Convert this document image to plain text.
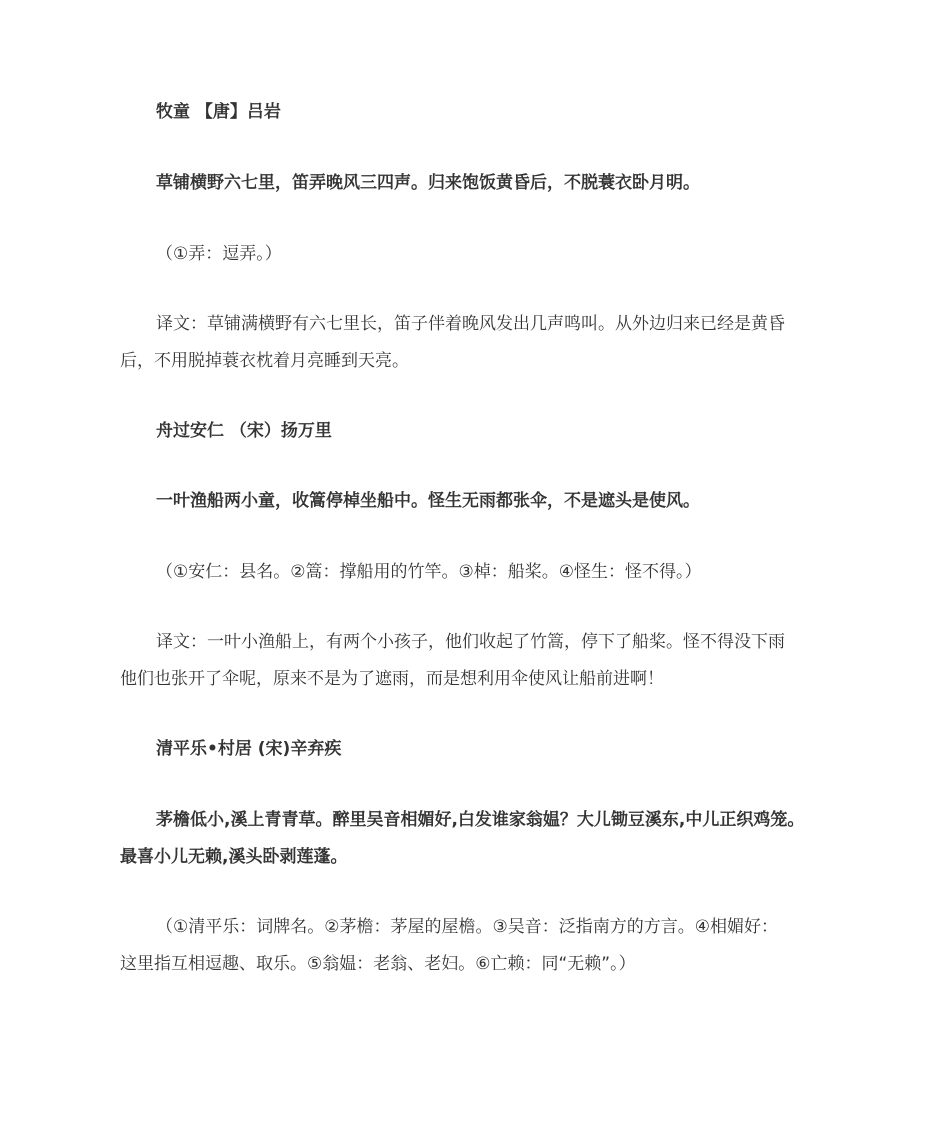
牧童 【唐】吕岩
草铺横野六七里，笛弄晚风三四声。归来饱饭黄昏后，不脱蓑衣卧月明。
（①弄：逗弄。）
译文：草铺满横野有六七里长，笛子伴着晚风发出几声鸣叫。从外边归来已经是黄昏
后，不用脱掉蓑衣枕着月亮睡到天亮。
舟过安仁 （宋）扬万里
一叶渔船两小童，收篙停棹坐船中。怪生无雨都张伞，不是遮头是使风。
（①安仁：县名。②篙：撑船用的竹竿。③棹：船桨。④怪生：怪不得。）
译文：一叶小渔船上，有两个小孩子，他们收起了竹篙，停下了船桨。怪不得没下雨
他们也张开了伞呢，原来不是为了遮雨，而是想利用伞使风让船前进啊！
清平乐•村居 (宋)辛弃疾
茅檐低小,溪上青青草。醉里吴音相媚好,白发谁家翁媪？大儿锄豆溪东,中儿正织鸡笼。
最喜小儿无赖,溪头卧剥莲蓬。
（①清平乐：词牌名。②茅檐：茅屋的屋檐。③吴音：泛指南方的方言。④相媚好：
这里指互相逗趣、取乐。⑤翁媪：老翁、老妇。⑥亡赖：同“无赖”。）
